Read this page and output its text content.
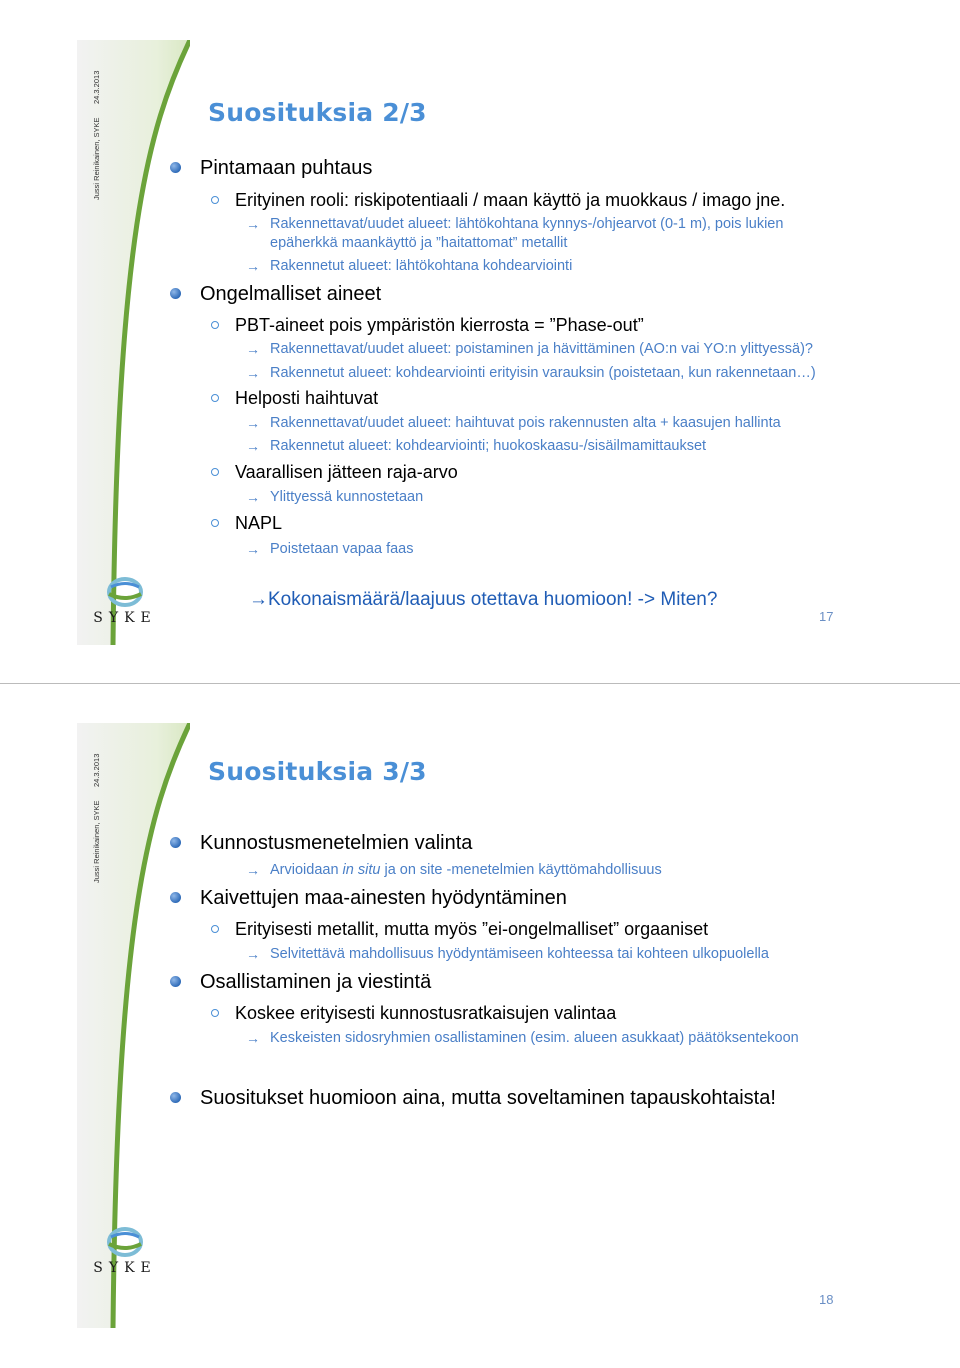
Jussi Reinikainen, SYKE
24.3.2013
Suosituksia 2/3
Pintamaan puhtaus
Erityinen rooli: riskipotentiaali / maan käyttö ja muokkaus / imago jne.
→ Rakennettavat/uudet alueet: lähtökohtana kynnys-/ohjearvot (0-1 m), pois lukien
epäherkkä maankäyttö ja ”haitattomat” metallit
→ Rakennetut alueet: lähtökohtana kohdearviointi
Ongelmalliset aineet
PBT-aineet pois ympäristön kierrosta = ”Phase-out”
→ Rakennettavat/uudet alueet: poistaminen ja hävittäminen (AO:n vai YO:n ylittyessä)?
→ Rakennetut alueet: kohdearviointi erityisin varauksin (poistetaan, kun rakennetaan…)
Helposti haihtuvat
→ Rakennettavat/uudet alueet: haihtuvat pois rakennusten alta + kaasujen hallinta
→ Rakennetut alueet: kohdearviointi; huokoskaasu-/sisäilmamittaukset
Vaarallisen jätteen raja-arvo
→ Ylittyessä kunnostetaan
NAPL
→ Poistetaan vapaa faas
→Kokonaismäärä/laajuus otettava huomioon! -> Miten?
SYKE	17
Jussi Reinikainen, SYKE
24.3.2013	Suosituksia 3/3
Kunnostusmenetelmien valinta
→ Arvioidaan in situ ja on site -menetelmien käyttömahdollisuus
Kaivettujen maa-ainesten hyödyntäminen
Erityisesti metallit, mutta myös ”ei-ongelmalliset” orgaaniset
→ Selvitettävä mahdollisuus hyödyntämiseen kohteessa tai kohteen ulkopuolella
Osallistaminen ja viestintä
Koskee erityisesti kunnostusratkaisujen valintaa
→ Keskeisten sidosryhmien osallistaminen (esim. alueen asukkaat) päätöksentekoon
Suositukset huomioon aina, mutta soveltaminen tapauskohtaista!
SYKE
18
